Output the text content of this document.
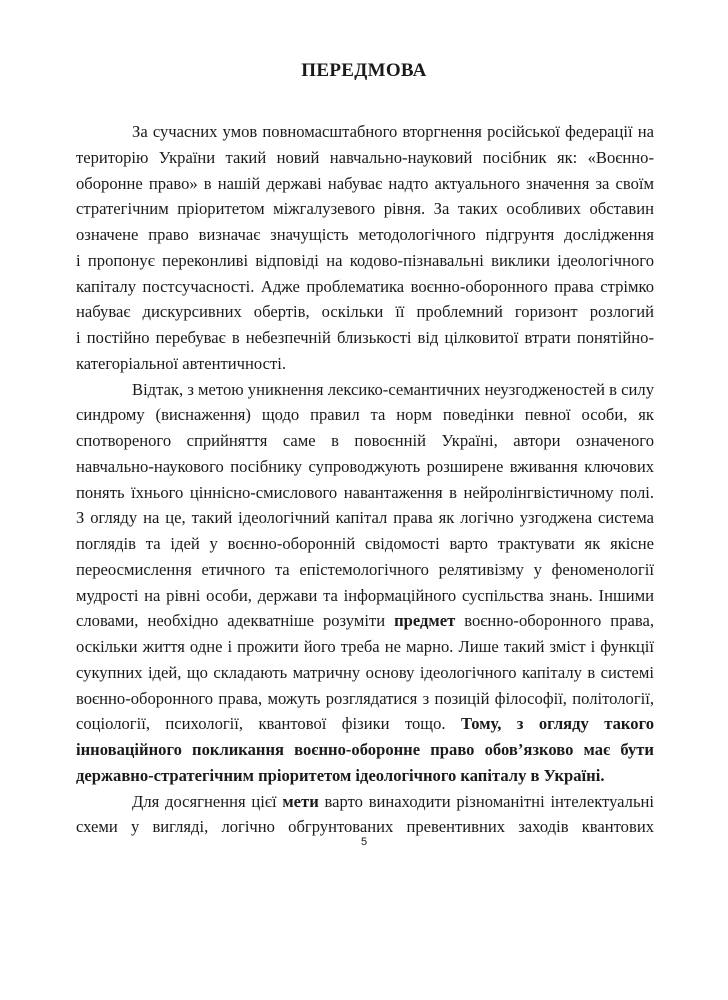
ПЕРЕДМОВА

За сучасних умов повномасштабного вторгнення російської федерації на

територію України такий новий навчально-науковий посібник як: «Воєнно-

оборонне право» в нашій державі набуває надто актуального значення за своїм

стратегічним пріоритетом міжгалузевого рівня. За таких особливих обставин

означене право визначає значущість методологічного підгрунтя дослідження

і пропонує переконливі відповіді на кодово-пізнавальні виклики ідеологічного

капіталу постсучасності. Адже проблематика воєнно-оборонного права стрімко

набуває дискурсивних обертів, оскільки її проблемний горизонт розлогий

і постійно перебуває в небезпечній близькості від цілковитої втрати понятійно-

категоріальної автентичності.

Відтак, з метою уникнення лексико-семантичних неузгодженостей в силу

синдрому (виснаження) щодо правил та норм поведінки певної особи, як

спотвореного сприйняття саме в повоєнній Україні, автори означеного

навчально-наукового посібнику супроводжують розширене вживання ключових

понять їхнього ціннісно-смислового навантаження в нейролінгвістичному полі.

З огляду на це, такий ідеологічний капітал права як логічно узгоджена система

поглядів та ідей у воєнно-оборонній свідомості варто трактувати як якісне

переосмислення етичного та епістемологічного релятивізму у феноменології

мудрості на рівні особи, держави та інформаційного суспільства знань. Іншими

словами, необхідно адекватніше розуміти предмет воєнно-оборонного права,

оскільки життя одне і прожити його треба не марно. Лише такий зміст і функції

сукупних ідей, що складають матричну основу ідеологічного капіталу в системі

воєнно-оборонного права, можуть розглядатися з позицій філософії, політології,

соціології, психології, квантової фізики тощо. Тому, з огляду такого

інноваційного покликання воєнно-оборонне право обов’язково має бути

державно-стратегічним пріоритетом ідеологічного капіталу в Україні.

Для досягнення цієї мети варто винаходити різноманітні інтелектуальні

схеми у вигляді, логічно обгрунтованих превентивних заходів квантових

5
